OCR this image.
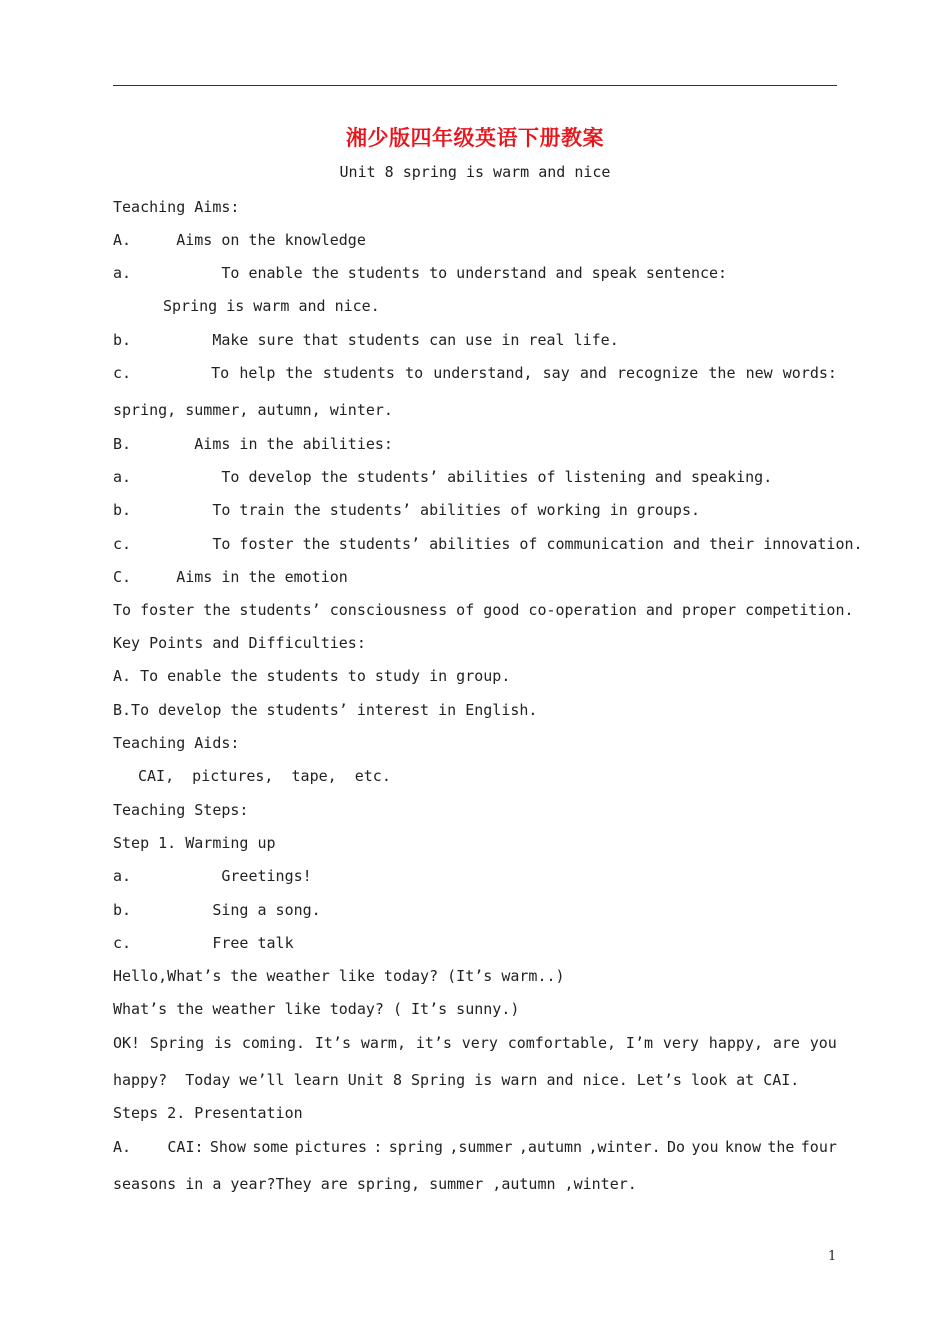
湘少版四年级英语下册教案
Unit 8 spring is warm and nice
Teaching Aims:
A.     Aims on the knowledge
a.          To enable the students to understand and speak sentence:
Spring is warm and nice.
b.         Make sure that students can use in real life.
c.	To help the students to understand, say and recognize the new words:
spring, summer, autumn, winter.
B.       Aims in the abilities:
a.          To develop the students’ abilities of listening and speaking.
b.         To train the students’ abilities of working in groups.
c.         To foster the students’ abilities of communication and their innovation.
C.     Aims in the emotion
To foster the students’ consciousness of good co-operation and proper competition.
Key Points and Difficulties:
A. To enable the students to study in group.
B.To develop the students’ interest in English.
Teaching Aids:
CAI,  pictures,  tape,  etc.
Teaching Steps:
Step 1. Warming up
a.          Greetings!
b.         Sing a song.
c.         Free talk
Hello,What’s the weather like today? (It’s warm..)
What’s the weather like today? ( It’s sunny.)
OK! Spring is coming. It’s warm, it’s very comfortable, I’m very happy, are you
happy?  Today we’ll learn Unit 8 Spring is warn and nice. Let’s look at CAI.
Steps 2. Presentation
A. CAI: Show some pictures : spring ,summer ,autumn ,winter. Do you know the four
seasons in a year?They are spring, summer ,autumn ,winter.
1
